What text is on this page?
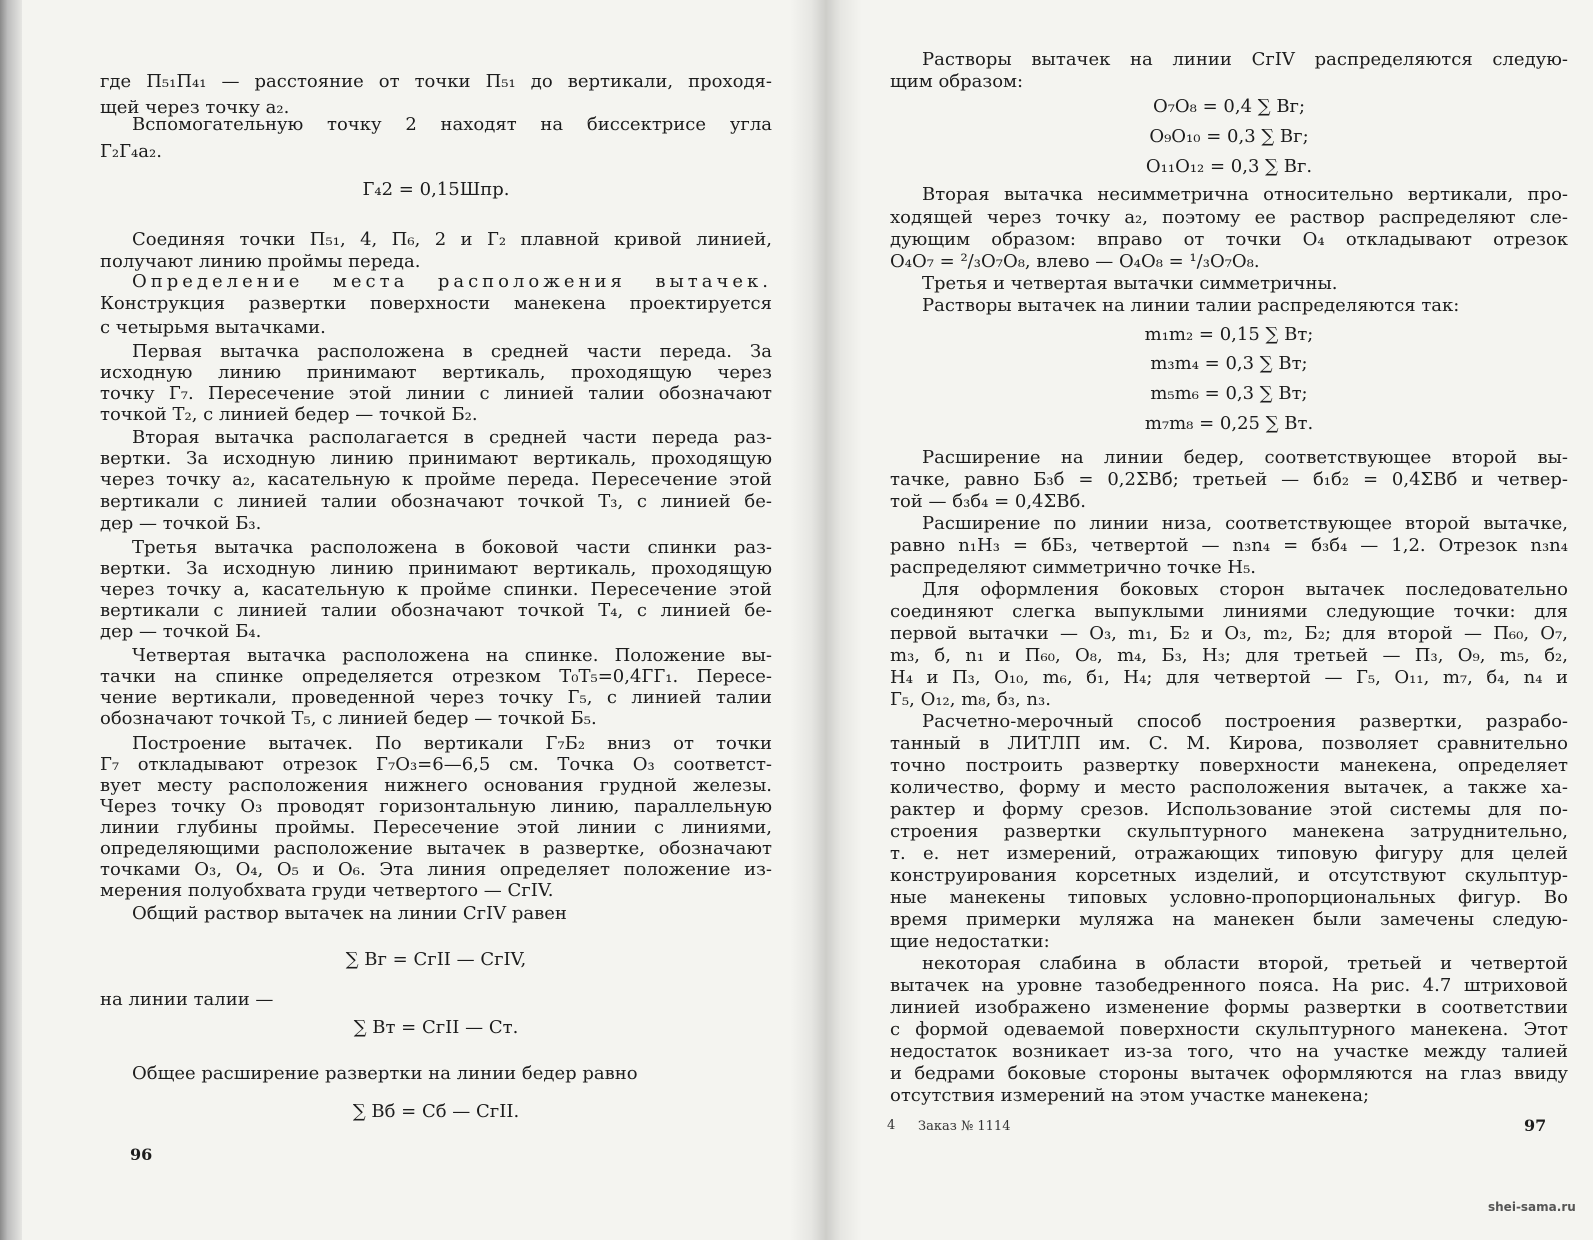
где П₅₁П₄₁ — расстояние от точки П₅₁ до вертикали, проходя-
щей через точку a₂.
Вспомогательную точку 2 находят на биссектрисе угла
Г₂Г₄a₂.
Г₄2 = 0,15Шпр.
Соединяя точки П₅₁, 4, П₆, 2 и Г₂ плавной кривой линией,
получают линию проймы переда.
Определение места расположения вытачек.
Конструкция развертки поверхности манекена проектируется
с четырьмя вытачками.
Первая вытачка расположена в средней части переда. За
исходную линию принимают вертикаль, проходящую через
точку Г₇. Пересечение этой линии с линией талии обозначают
точкой Т₂, с линией бедер — точкой Б₂.
Вторая вытачка располагается в средней части переда раз-
вертки. За исходную линию принимают вертикаль, проходящую
через точку a₂, касательную к пройме переда. Пересечение этой
вертикали с линией талии обозначают точкой Т₃, с линией бе-
дер — точкой Б₃.
Третья вытачка расположена в боковой части спинки раз-
вертки. За исходную линию принимают вертикаль, проходящую
через точку a, касательную к пройме спинки. Пересечение этой
вертикали с линией талии обозначают точкой Т₄, с линией бе-
дер — точкой Б₄.
Четвертая вытачка расположена на спинке. Положение вы-
тачки на спинке определяется отрезком Т₀Т₅=0,4ГГ₁. Пересе-
чение вертикали, проведенной через точку Г₅, с линией талии
обозначают точкой Т₅, с линией бедер — точкой Б₅.
Построение вытачек. По вертикали Г₇Б₂ вниз от точки
Г₇ откладывают отрезок Г₇О₃=6—6,5 см. Точка О₃ соответст-
вует месту расположения нижнего основания грудной железы.
Через точку О₃ проводят горизонтальную линию, параллельную
линии глубины проймы. Пересечение этой линии с линиями,
определяющими расположение вытачек в развертке, обозначают
точками О₃, О₄, О₅ и О₆. Эта линия определяет положение из-
мерения полуобхвата груди четвертого — CгIV.
Общий раствор вытачек на линии CгIV равен
∑ Вг = CгII — CгIV,
на линии талии —
∑ Вт = CгII — Cт.
Общее расширение развертки на линии бедер равно
∑ Вб = Cб — CгII.
96
Растворы вытачек на линии CгIV распределяются следую-
щим образом:
О₇О₈ = 0,4 ∑ Вг;
О₉О₁₀ = 0,3 ∑ Вг;
О₁₁О₁₂ = 0,3 ∑ Вг.
Вторая вытачка несимметрична относительно вертикали, про-
ходящей через точку a₂, поэтому ее раствор распределяют сле-
дующим образом: вправо от точки О₄ откладывают отрезок
О₄О₇ = ²/₃О₇О₈, влево — О₄О₈ = ¹/₃О₇О₈.
Третья и четвертая вытачки симметричны.
Растворы вытачек на линии талии распределяются так:
m₁m₂ = 0,15 ∑ Вт;
m₃m₄ = 0,3 ∑ Вт;
m₅m₆ = 0,3 ∑ Вт;
m₇m₈ = 0,25 ∑ Вт.
Расширение на линии бедер, соответствующее второй вы-
тачке, равно Б₃б = 0,2ΣВб; третьей — б₁б₂ = 0,4ΣВб и четвер-
той — б₃б₄ = 0,4ΣВб.
Расширение по линии низа, соответствующее второй вытачке,
равно n₁Н₃ = бБ₃, четвертой — n₃n₄ = б₃б₄ — 1,2. Отрезок n₃n₄
распределяют симметрично точке Н₅.
Для оформления боковых сторон вытачек последовательно
соединяют слегка выпуклыми линиями следующие точки: для
первой вытачки — О₃, m₁, Б₂ и О₃, m₂, Б₂; для второй — П₆₀, О₇,
m₃, б, n₁ и П₆₀, О₈, m₄, Б₃, Н₃; для третьей — П₃, О₉, m₅, б₂,
Н₄ и П₃, О₁₀, m₆, б₁, Н₄; для четвертой — Г₅, О₁₁, m₇, б₄, n₄ и
Г₅, О₁₂, m₈, б₃, n₃.
Расчетно-мерочный способ построения развертки, разрабо-
танный в ЛИТЛП им. С. М. Кирова, позволяет сравнительно
точно построить развертку поверхности манекена, определяет
количество, форму и место расположения вытачек, а также ха-
рактер и форму срезов. Использование этой системы для по-
строения развертки скульптурного манекена затруднительно,
т. е. нет измерений, отражающих типовую фигуру для целей
конструирования корсетных изделий, и отсутствуют скульптур-
ные манекены типовых условно-пропорциональных фигур. Во
время примерки муляжа на манекен были замечены следую-
щие недостатки:
некоторая слабина в области второй, третьей и четвертой
вытачек на уровне тазобедренного пояса. На рис. 4.7 штриховой
линией изображено изменение формы развертки в соответствии
с формой одеваемой поверхности скульптурного манекена. Этот
недостаток возникает из-за того, что на участке между талией
и бедрами боковые стороны вытачек оформляются на глаз ввиду
отсутствия измерений на этом участке манекена;
4 Заказ № 1114	97
shei-sama.ru
